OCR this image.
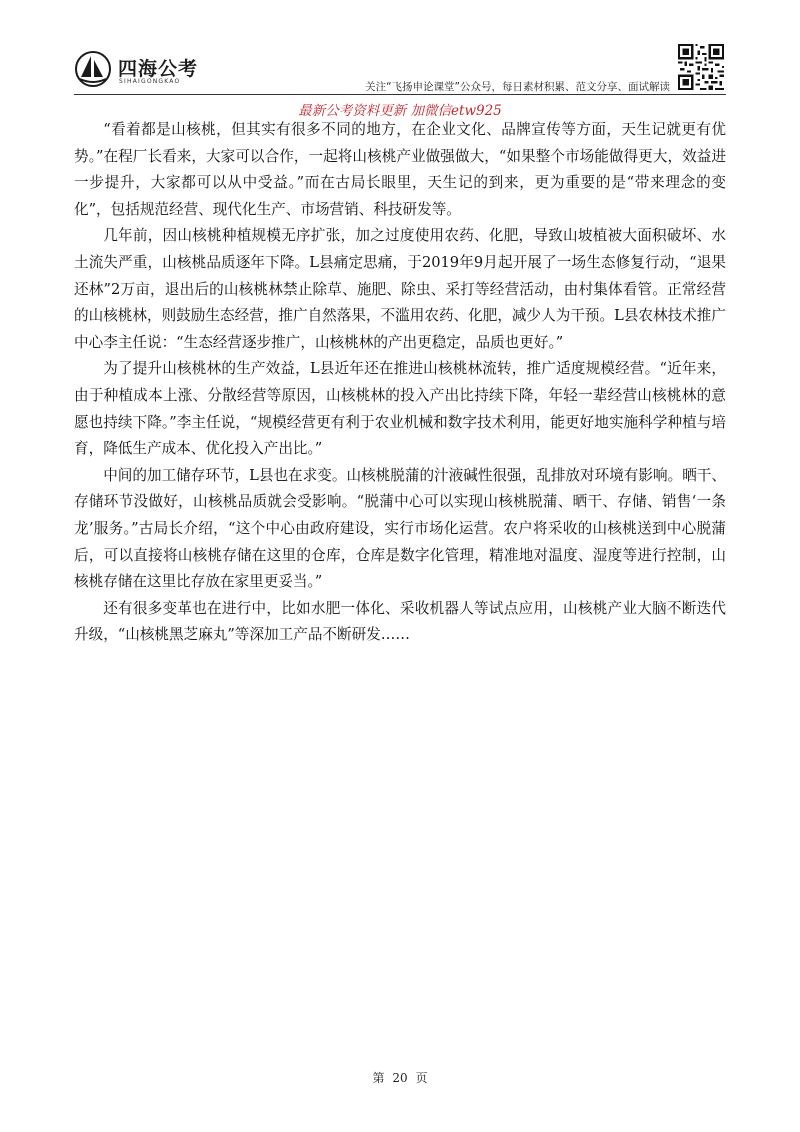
四海公考
SIHAIGONGKAO	关注“飞扬申论课堂”公众号，每日素材积累、范文分享、面试解读
最新公考资料更新 加微信etw925

“看着都是山核桃，但其实有很多不同的地方，在企业文化、品牌宣传等方面，天生记就更有优势。”在程厂长看来，大家可以合作，一起将山核桃产业做强做大，“如果整个市场能做得更大，效益进一步提升，大家都可以从中受益。”而在古局长眼里，天生记的到来，更为重要的是“带来理念的变化”，包括规范经营、现代化生产、市场营销、科技研发等。

几年前，因山核桃种植规模无序扩张，加之过度使用农药、化肥，导致山坡植被大面积破坏、水土流失严重，山核桃品质逐年下降。L县痛定思痛，于2019年9月起开展了一场生态修复行动，“退果还林”2万亩，退出后的山核桃林禁止除草、施肥、除虫、采打等经营活动，由村集体看管。正常经营的山核桃林，则鼓励生态经营，推广自然落果，不滥用农药、化肥，减少人为干预。L县农林技术推广中心李主任说：“生态经营逐步推广，山核桃林的产出更稳定，品质也更好。”

为了提升山核桃林的生产效益，L县近年还在推进山核桃林流转，推广适度规模经营。“近年来，由于种植成本上涨、分散经营等原因，山核桃林的投入产出比持续下降，年轻一辈经营山核桃林的意愿也持续下降。”李主任说，“规模经营更有利于农业机械和数字技术利用，能更好地实施科学种植与培育，降低生产成本、优化投入产出比。”

中间的加工储存环节，L县也在求变。山核桃脱蒲的汁液碱性很强，乱排放对环境有影响。晒干、存储环节没做好，山核桃品质就会受影响。“脱蒲中心可以实现山核桃脱蒲、晒干、存储、销售‘一条龙’服务。”古局长介绍，“这个中心由政府建设，实行市场化运营。农户将采收的山核桃送到中心脱蒲后，可以直接将山核桃存储在这里的仓库，仓库是数字化管理，精准地对温度、湿度等进行控制，山核桃存储在这里比存放在家里更妥当。”

还有很多变革也在进行中，比如水肥一体化、采收机器人等试点应用，山核桃产业大脑不断迭代升级，“山核桃黑芝麻丸”等深加工产品不断研发……

第 20 页
